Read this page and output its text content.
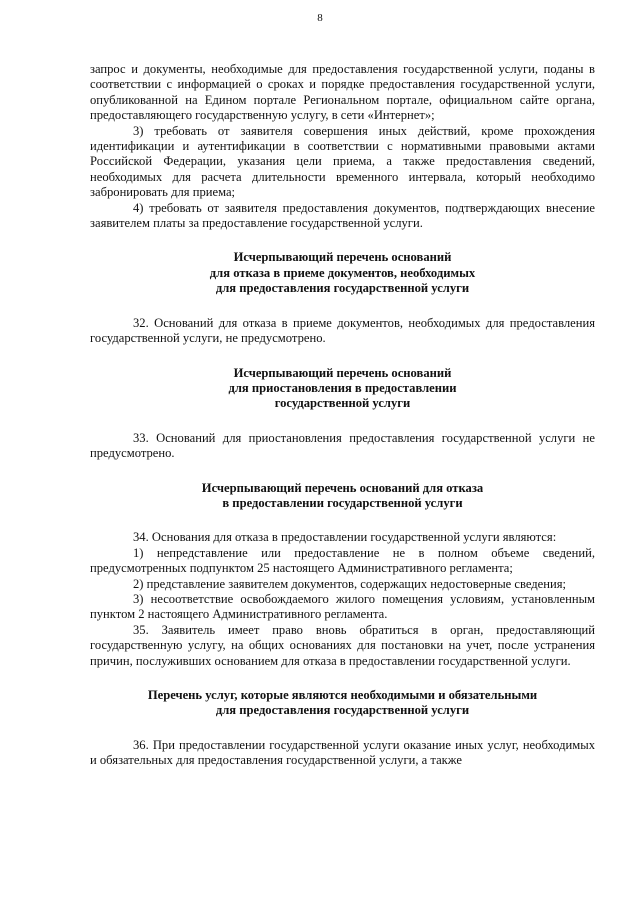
8

запрос и документы, необходимые для предоставления государственной услуги, поданы в соответствии с информацией о сроках и порядке предоставления государственной услуги, опубликованной на Едином портале Региональном портале, официальном сайте органа, предоставляющего государственную услугу, в сети «Интернет»;

3) требовать от заявителя совершения иных действий, кроме прохождения идентификации и аутентификации в соответствии с нормативными правовыми актами Российской Федерации, указания цели приема, а также предоставления сведений, необходимых для расчета длительности временного интервала, который необходимо забронировать для приема;

4) требовать от заявителя предоставления документов, подтверждающих внесение заявителем платы за предоставление государственной услуги.

Исчерпывающий перечень оснований
для отказа в приеме документов, необходимых
для предоставления государственной услуги

32. Оснований для отказа в приеме документов, необходимых для предоставления государственной услуги, не предусмотрено.

Исчерпывающий перечень оснований
для приостановления в предоставлении
государственной услуги

33. Оснований для приостановления предоставления государственной услуги не предусмотрено.

Исчерпывающий перечень оснований для отказа
в предоставлении государственной услуги

34. Основания для отказа в предоставлении государственной услуги являются:

1) непредставление или предоставление не в полном объеме сведений, предусмотренных подпунктом 25 настоящего Административного регламента;

2) представление заявителем документов, содержащих недостоверные сведения;

3) несоответствие освобождаемого жилого помещения условиям, установленным пунктом 2 настоящего Административного регламента.

35. Заявитель имеет право вновь обратиться в орган, предоставляющий государственную услугу, на общих основаниях для постановки на учет, после устранения причин, послуживших основанием для отказа в предоставлении государственной услуги.

Перечень услуг, которые являются необходимыми и обязательными
для предоставления государственной услуги

36. При предоставлении государственной услуги оказание иных услуг, необходимых и обязательных для предоставления государственной услуги, а также
